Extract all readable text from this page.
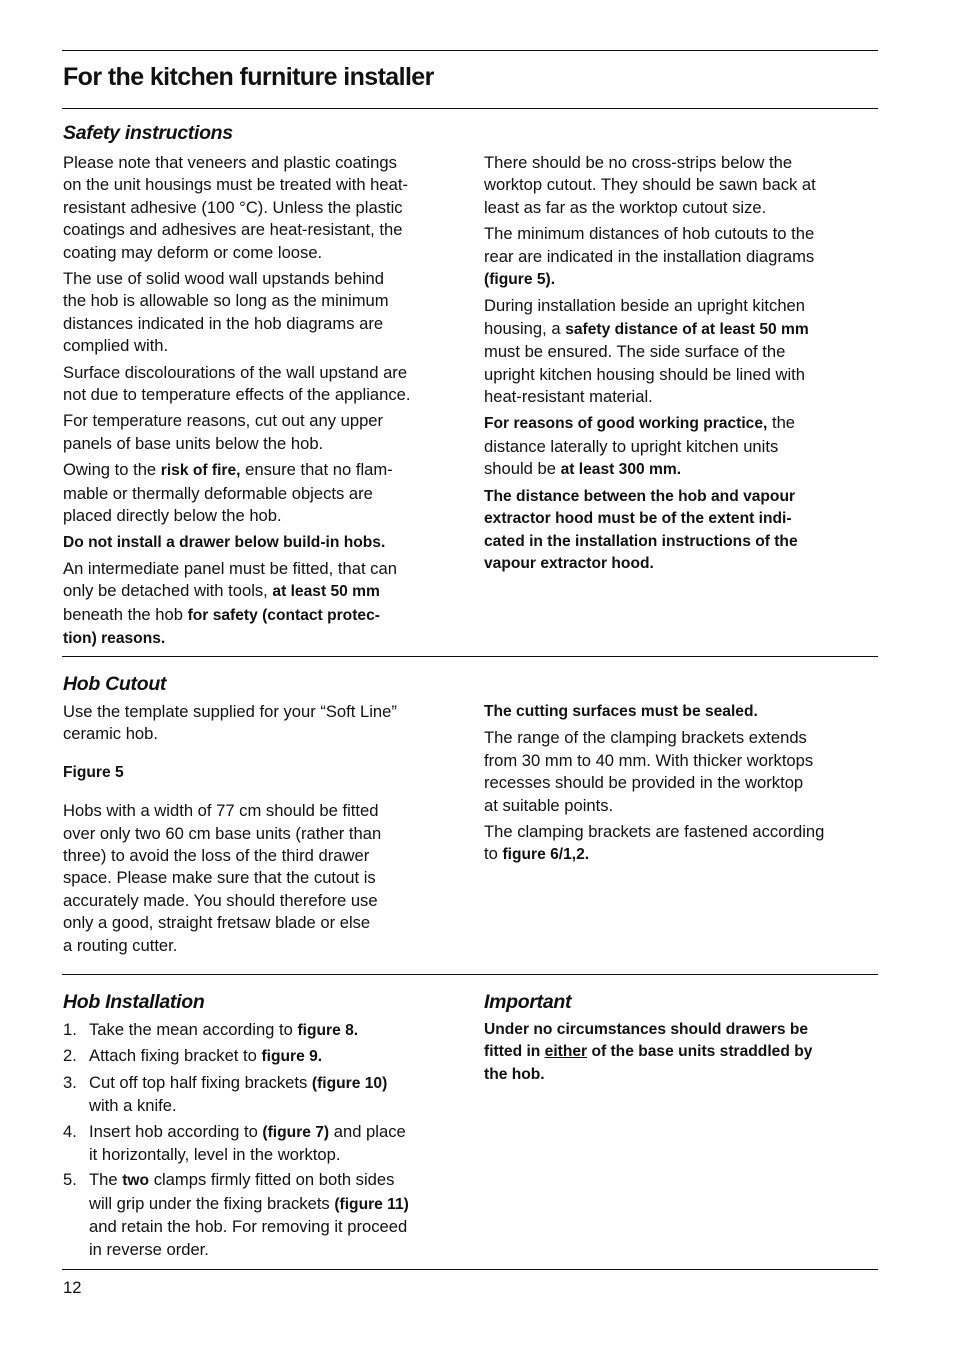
For the kitchen furniture installer
Safety instructions

Please note that veneers and plastic coatings
on the unit housings must be treated with heat-
resistant adhesive (100 °C). Unless the plastic
coatings and adhesives are heat-resistant, the
coating may deform or come loose.

The use of solid wood wall upstands behind
the hob is allowable so long as the minimum
distances indicated in the hob diagrams are
complied with.

Surface discolourations of the wall upstand are
not due to temperature effects of the appliance.

For temperature reasons, cut out any upper
panels of base units below the hob.

Owing to the risk of fire, ensure that no flam-
mable or thermally deformable objects are
placed directly below the hob.

Do not install a drawer below build-in hobs.

An intermediate panel must be fitted, that can
only be detached with tools, at least 50 mm
beneath the hob for safety (contact protec-
tion) reasons.

There should be no cross-strips below the
worktop cutout. They should be sawn back at
least as far as the worktop cutout size.

The minimum distances of hob cutouts to the
rear are indicated in the installation diagrams
(figure 5).

During installation beside an upright kitchen
housing, a safety distance of at least 50 mm
must be ensured. The side surface of the
upright kitchen housing should be lined with
heat-resistant material.

For reasons of good working practice, the
distance laterally to upright kitchen units
should be at least 300 mm.

The distance between the hob and vapour
extractor hood must be of the extent indi-
cated in the installation instructions of the
vapour extractor hood.

Hob Cutout

Use the template supplied for your “Soft Line”
ceramic hob.

Figure 5

Hobs with a width of 77 cm should be fitted
over only two 60 cm base units (rather than
three) to avoid the loss of the third drawer
space. Please make sure that the cutout is
accurately made. You should therefore use
only a good, straight fretsaw blade or else
a routing cutter.

The cutting surfaces must be sealed.

The range of the clamping brackets extends
from 30 mm to 40 mm. With thicker worktops
recesses should be provided in the worktop
at suitable points.

The clamping brackets are fastened according
to figure 6/1,2.

Hob Installation
1. Take the mean according to figure 8.
2. Attach fixing bracket to figure 9.
3. Cut off top half fixing brackets (figure 10)
with a knife.
4. Insert hob according to (figure 7) and place
it horizontally, level in the worktop.
5. The two clamps firmly fitted on both sides
will grip under the fixing brackets (figure 11)
and retain the hob. For removing it proceed
in reverse order.
Important

Under no circumstances should drawers be
fitted in either of the base units straddled by
the hob.

12
